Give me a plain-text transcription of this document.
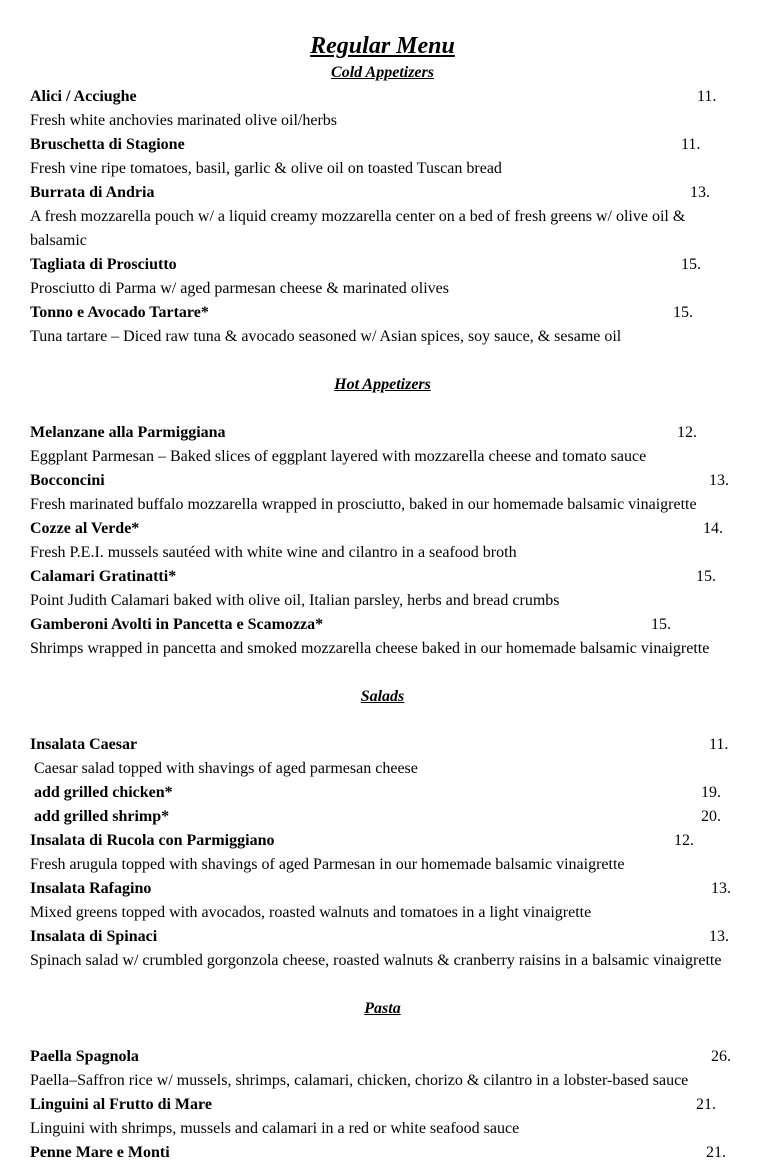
Regular Menu
Cold Appetizers
Alici / Acciughe	11.
Fresh white anchovies marinated olive oil/herbs
Bruschetta di Stagione	11.
Fresh vine ripe tomatoes, basil, garlic & olive oil on toasted Tuscan bread
Burrata di Andria	13.
A fresh mozzarella pouch w/ a liquid creamy mozzarella center on a bed of fresh greens w/ olive oil & balsamic
Tagliata di Prosciutto	15.
Prosciutto di Parma w/ aged parmesan cheese & marinated olives
Tonno e Avocado Tartare*	15.
Tuna tartare – Diced raw tuna & avocado seasoned w/ Asian spices, soy sauce, & sesame oil
Hot Appetizers
Melanzane alla Parmiggiana	12.
Eggplant Parmesan – Baked slices of eggplant layered with mozzarella cheese and tomato sauce
Bocconcini	13.
Fresh marinated buffalo mozzarella wrapped in prosciutto, baked in our homemade balsamic vinaigrette
Cozze al Verde*	14.
Fresh P.E.I. mussels sautéed with white wine and cilantro in a seafood broth
Calamari Gratinatti*	15.
Point Judith Calamari baked with olive oil, Italian parsley, herbs and bread crumbs
Gamberoni Avolti in Pancetta e Scamozza*	15.
Shrimps wrapped in pancetta and smoked mozzarella cheese baked in our homemade balsamic vinaigrette
Salads
Insalata Caesar	11.
Caesar salad topped with shavings of aged parmesan cheese
add grilled chicken*	19.
add grilled shrimp*	20.
Insalata di Rucola con Parmiggiano	12.
Fresh arugula topped with shavings of aged Parmesan in our homemade balsamic vinaigrette
Insalata Rafagino	13.
Mixed greens topped with avocados, roasted walnuts and tomatoes in a light vinaigrette
Insalata di Spinaci	13.
Spinach salad w/ crumbled gorgonzola cheese, roasted walnuts & cranberry raisins in a balsamic vinaigrette
Pasta
Paella Spagnola	26.
Paella–Saffron rice w/ mussels, shrimps, calamari, chicken, chorizo & cilantro in a lobster-based sauce
Linguini al Frutto di Mare	21.
Linguini with shrimps, mussels and calamari in a red or white seafood sauce
Penne Mare e Monti	21.
